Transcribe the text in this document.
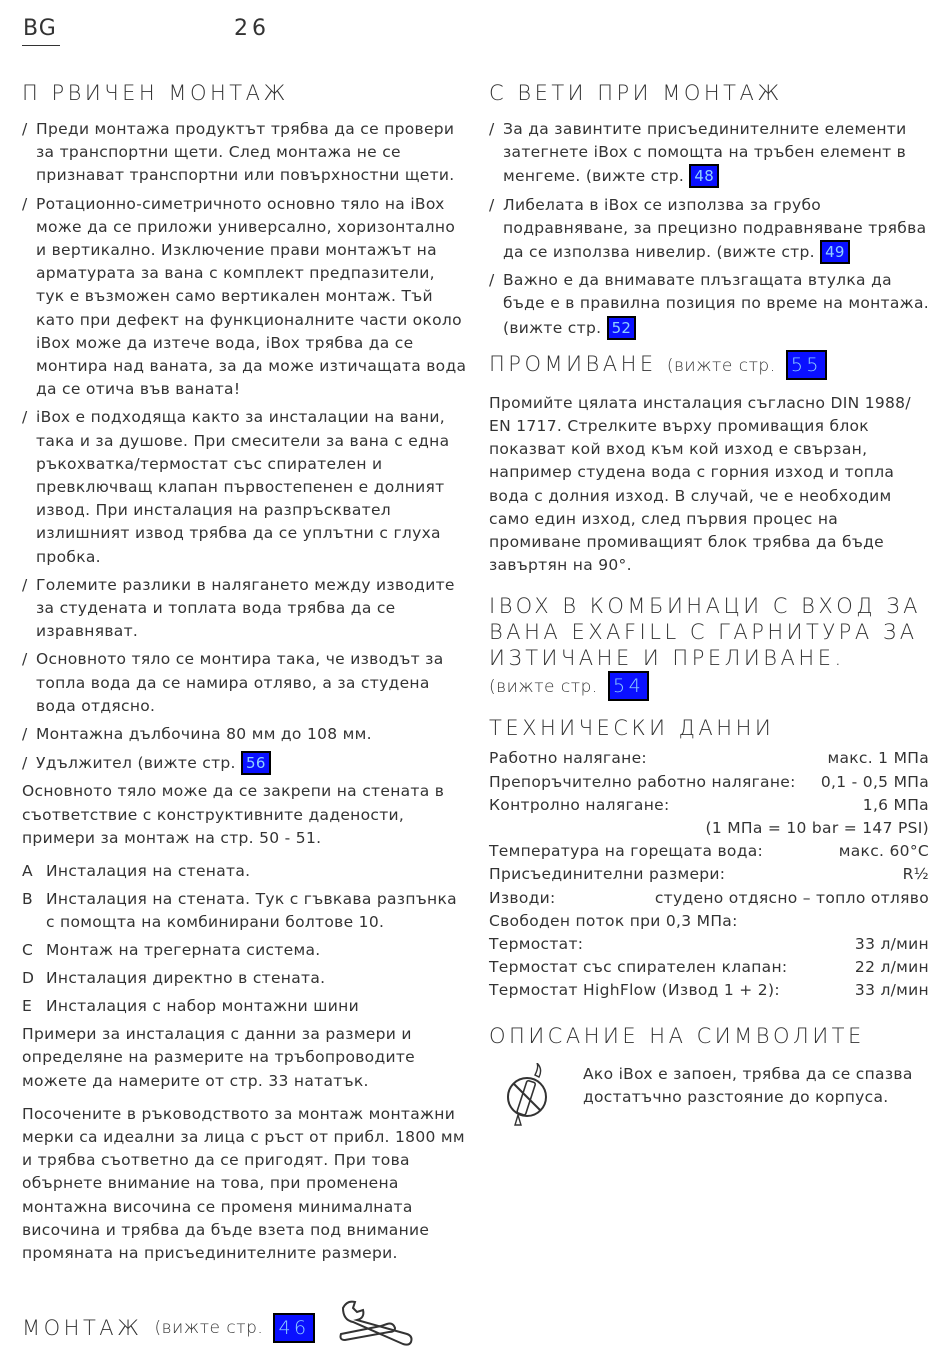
BG	26
П РВИЧЕН МОНТАЖ
/ Преди монтажа продуктът трябва да се провери за транспортни щети. След монтажа не се признават транспортни или повърхностни щети.
/ Ротационно-симетричното основно тяло на iBox може да се приложи универсално, хоризонтално и вертикално. Изключение прави монтажът на арматурата за вана с комплект предпазители, тук е възможен само вертикален монтаж. Тъй като при дефект на функционалните части около iBox може да изтече вода, iBox трябва да се монтира над ваната, за да може изтичащата вода да се отича във ваната!
/ iBox е подходяща както за инсталации на вани, така и за душове. При смесители за вана с една ръкохватка/термостат със спирателен и превключващ клапан първостепенен е долният извод. При инсталация на разпръсквател излишният извод трябва да се уплътни с глуха пробка.
/ Големите разлики в налягането между изводите за студената и топлата вода трябва да се изравняват.
/ Основното тяло се монтира така, че изводът за топла вода да се намира отляво, а за студена вода отдясно.
/ Монтажна дълбочина 80 мм до 108 мм.
/ Удължител (вижте стр. 56

Основното тяло може да се закрепи на стената в съответствие с конструктивните дадености, примери за монтаж на стр. 50 - 51.

A Инсталация на стената.
B Инсталация на стената. Тук с гъвкава разпънка с помощта на комбинирани болтове 10.
C Монтаж на трегерната система.
D Инсталация директно в стената.
E Инсталация с набор монтажни шини

Примери за инсталация с данни за размери и определяне на размерите на тръбопроводите можете да намерите от стр. 33 нататък.

Посочените в ръководството за монтаж монтажни мерки са идеални за лица с ръст от прибл. 1800 мм и трябва съответно да се пригодят. При това обърнете внимание на това, при променена монтажна височина се променя минималната височина и трябва да бъде взета под внимание промяната на присъединителните размери.

С ВЕТИ ПРИ МОНТАЖ
/ За да завинтите присъединителните елементи затегнете iBox с помощта на тръбен елемент в менгеме. (вижте стр. 48
/ Либелата в iBox се използва за грубо подравняване, за прецизно подравняване трябва да се използва нивелир. (вижте стр. 49
/ Важно е да внимавате плъзгащата втулка да бъде е в правилна позиция по време на монтажа. (вижте стр. 52
ПРОМИВАНЕ (вижте стр. 55

Промийте цялата инсталация съгласно DIN 1988/ EN 1717. Стрелките върху промиващия блок показват кой вход към кой изход е свързан, например студена вода с горния изход и топла вода с долния изход. В случай, че е необходим само един изход, след първия процес на промиване промиващият блок трябва да бъде завъртян на 90°.

IBOX В КОМБИНАЦИ С ВХОД ЗА ВАНА EXAFILL С ГАРНИТУРА ЗА ИЗТИЧАНЕ И ПРЕЛИВАНЕ.
(вижте стр. 54
ТЕХНИЧЕСКИ ДАННИ
Работно налягане:	макс. 1 МПа
Препоръчително работно налягане: 0,1 - 0,5 МПа
Контролно налягане:	1,6 МПа
(1 МПа = 10 bar = 147 PSI)
Температура на горещата вода:	макс. 60°C
Присъединителни размери:	R½
Изводи:	студено отдясно – топло отляво
Свободен поток при 0,3 МПа:
Термостат:	33 л/мин
Термостат със спирателен клапан:	22 л/мин
Термостат HighFlow (Извод 1 + 2):	33 л/мин
ОПИСАНИЕ НА СИМВОЛИТЕ
Ако iBox е запоен, трябва да се спазва достатъчно разстояние до корпуса.
МОНТАЖ (вижте стр.
46
